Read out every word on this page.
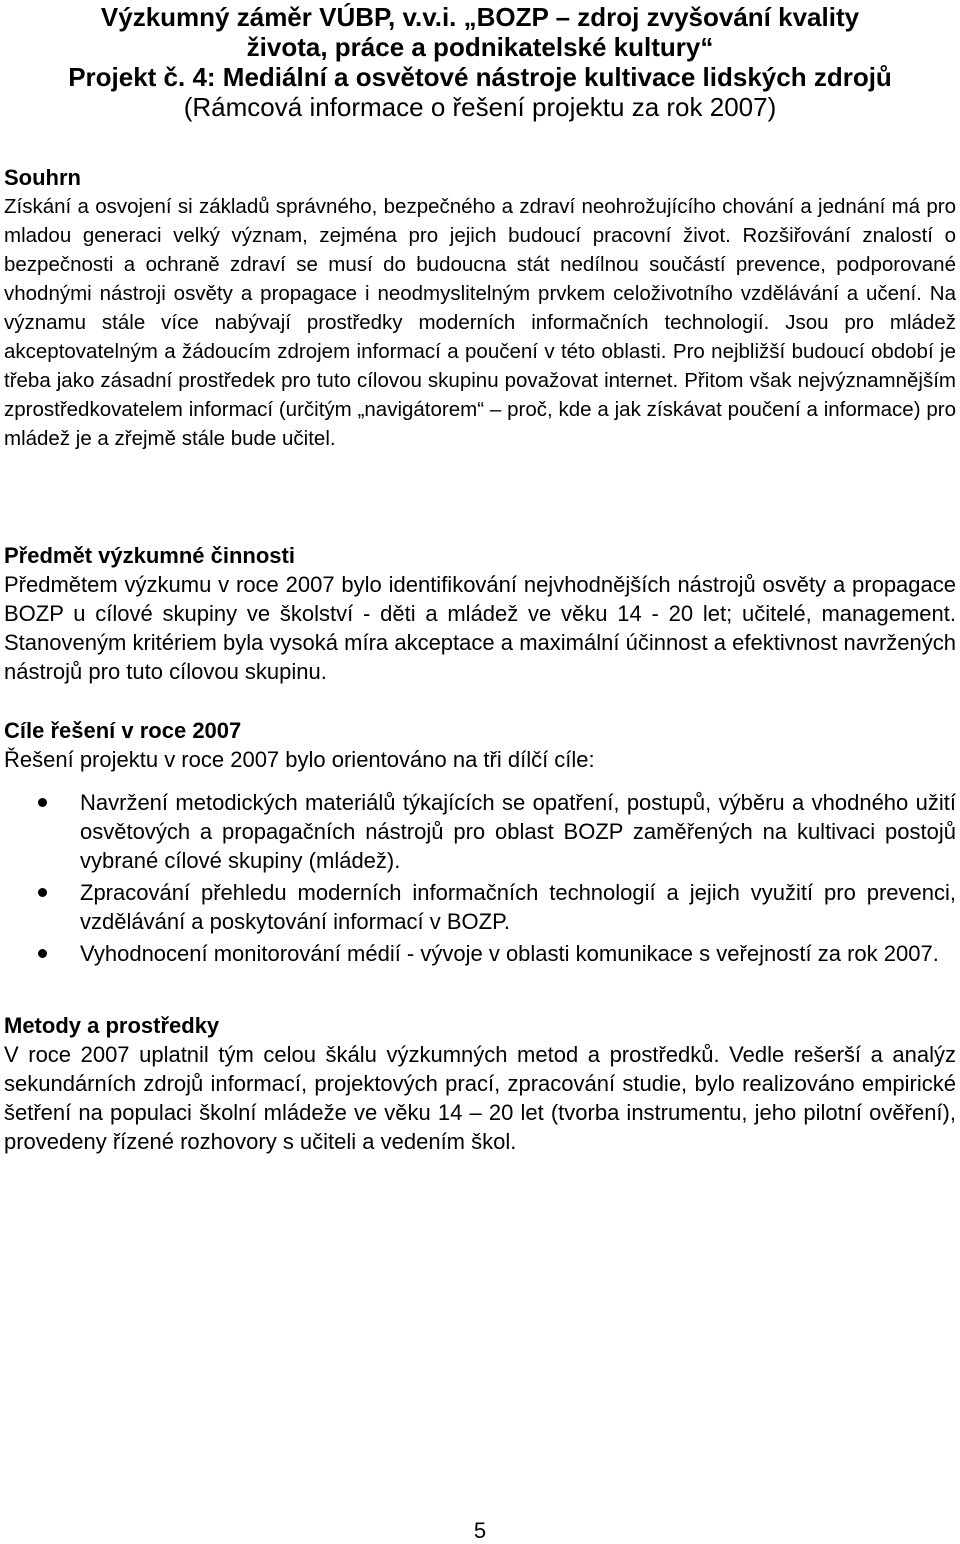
Výzkumný záměr VÚBP, v.v.i. „BOZP – zdroj zvyšování kvality
života, práce a podnikatelské kultury“
Projekt č. 4: Mediální a osvětové nástroje kultivace lidských zdrojů
(Rámcová informace o řešení projektu za rok 2007)
Souhrn
Získání a osvojení si základů správného, bezpečného a zdraví neohrožujícího chování a jednání má pro mladou generaci velký význam, zejména pro jejich budoucí pracovní život. Rozšiřování znalostí o bezpečnosti a ochraně zdraví se musí do budoucna stát nedílnou součástí prevence, podporované vhodnými nástroji osvěty a propagace i neodmyslitelným prvkem celoživotního vzdělávání a učení. Na významu stále více nabývají prostředky moderních informačních technologií. Jsou pro mládež akceptovatelným a žádoucím zdrojem informací a poučení v této oblasti. Pro nejbližší budoucí období je třeba jako zásadní prostředek pro tuto cílovou skupinu považovat internet. Přitom však nejvýznamnějším zprostředkovatelem informací (určitým „navigátorem“ – proč, kde a jak získávat poučení a informace) pro mládež je a zřejmě stále bude učitel.
Předmět výzkumné činnosti
Předmětem výzkumu v roce 2007 bylo identifikování nejvhodnějších nástrojů osvěty a propagace BOZP u cílové skupiny ve školství - děti a mládež ve věku 14 - 20 let; učitelé, management. Stanoveným kritériem byla vysoká míra akceptace a maximální účinnost a efektivnost navržených nástrojů pro tuto cílovou skupinu.
Cíle řešení v roce 2007
Řešení projektu v roce 2007 bylo orientováno na tři dílčí cíle:
Navržení metodických materiálů týkajících se opatření, postupů, výběru a vhodného užití osvětových a propagačních nástrojů pro oblast BOZP zaměřených na kultivaci postojů vybrané cílové skupiny (mládež).
Zpracování přehledu moderních informačních technologií a jejich využití pro prevenci, vzdělávání a poskytování informací v BOZP.
Vyhodnocení monitorování médií - vývoje v oblasti komunikace s veřejností za rok 2007.
Metody a prostředky
V roce 2007 uplatnil tým celou škálu výzkumných metod a prostředků. Vedle rešerší a analýz sekundárních zdrojů informací, projektových prací, zpracování studie, bylo realizováno empirické šetření na populaci školní mládeže ve věku 14 – 20 let (tvorba instrumentu, jeho pilotní ověření), provedeny řízené rozhovory s učiteli a vedením škol.
5
